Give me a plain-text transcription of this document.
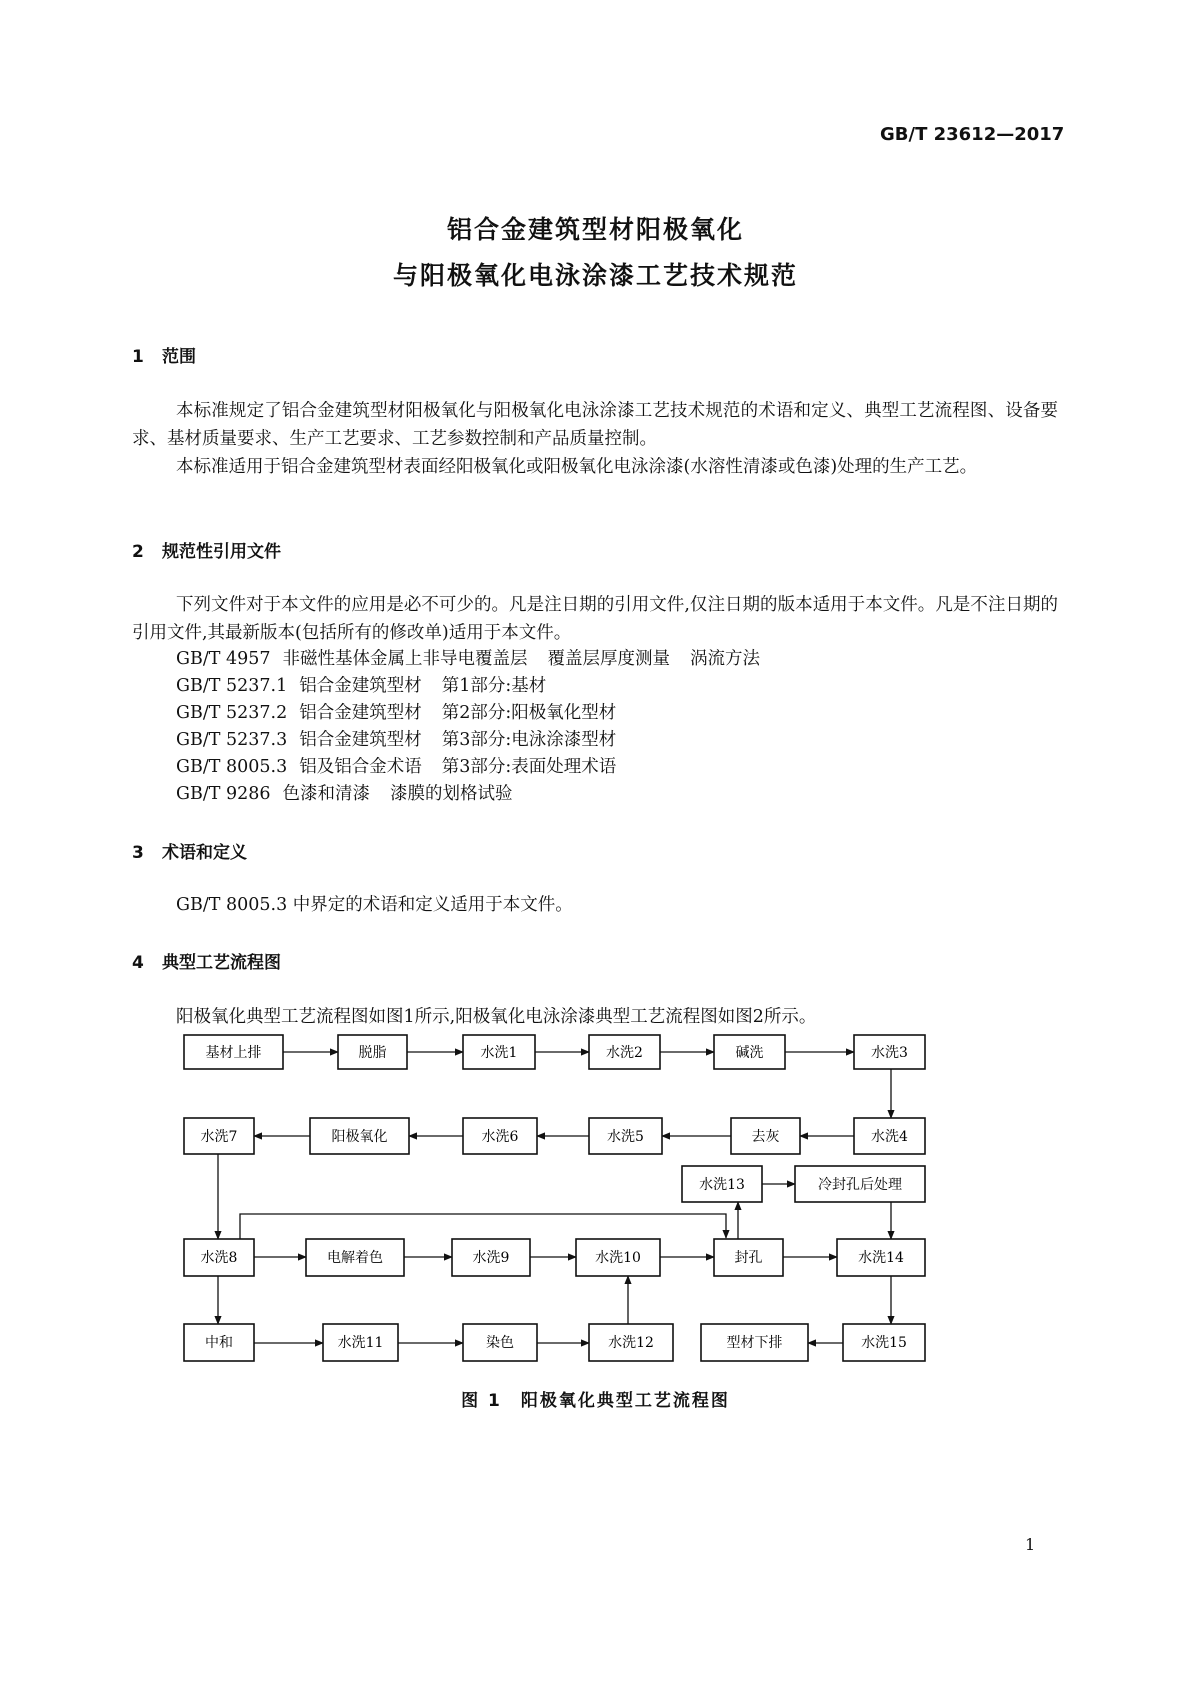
GB/T 23612—2017
铝合金建筑型材阳极氧化
与阳极氧化电泳涂漆工艺技术规范
1 范围

本标准规定了铝合金建筑型材阳极氧化与阳极氧化电泳涂漆工艺技术规范的术语和定义、典型工艺流程图、设备要求、基材质量要求、生产工艺要求、工艺参数控制和产品质量控制。

本标准适用于铝合金建筑型材表面经阳极氧化或阳极氧化电泳涂漆(水溶性清漆或色漆)处理的生产工艺。

2 规范性引用文件

下列文件对于本文件的应用是必不可少的。凡是注日期的引用文件,仅注日期的版本适用于本文件。凡是不注日期的引用文件,其最新版本(包括所有的修改单)适用于本文件。

GB/T 4957 非磁性基体金属上非导电覆盖层 覆盖层厚度测量 涡流方法
GB/T 5237.1 铝合金建筑型材 第1部分:基材
GB/T 5237.2 铝合金建筑型材 第2部分:阳极氧化型材
GB/T 5237.3 铝合金建筑型材 第3部分:电泳涂漆型材
GB/T 8005.3 铝及铝合金术语 第3部分:表面处理术语
GB/T 9286 色漆和清漆 漆膜的划格试验
3 术语和定义

GB/T 8005.3 中界定的术语和定义适用于本文件。

4 典型工艺流程图

阳极氧化典型工艺流程图如图1所示,阳极氧化电泳涂漆典型工艺流程图如图2所示。

基材上排	脱脂	水洗1	水洗2	碱洗	水洗3
水洗7	阳极氧化	水洗6	水洗5	去灰	水洗4
水洗13	冷封孔后处理
水洗8	电解着色	水洗9	水洗10	封孔	水洗14
中和	水洗11	染色	水洗12	型材下排	水洗15
图 1　阳极氧化典型工艺流程图
1
